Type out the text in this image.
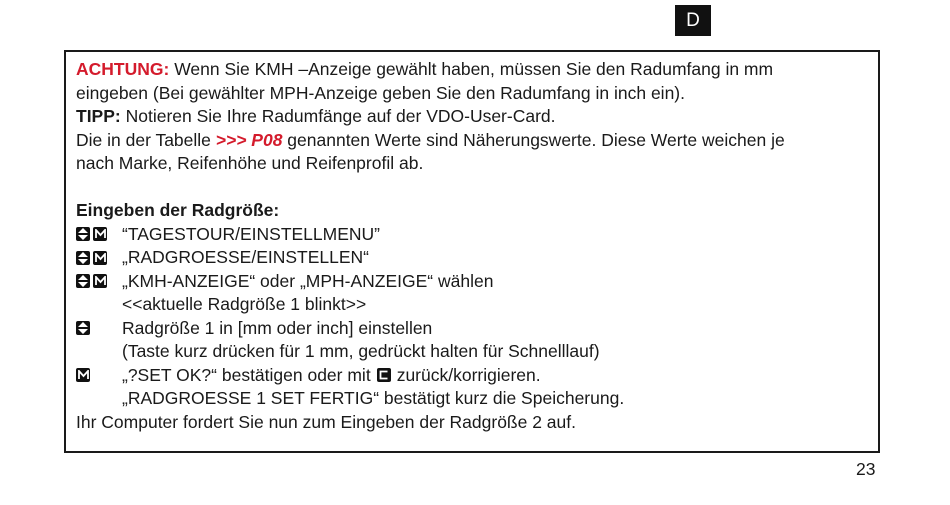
D

ACHTUNG: Wenn Sie KMH –Anzeige gewählt haben, müssen Sie den Radumfang in mm

eingeben (Bei gewählter MPH-Anzeige geben Sie den Radumfang in inch ein).

TIPP: Notieren Sie Ihre Radumfänge auf der VDO-User-Card.

Die in der Tabelle >>> P08 genannten Werte sind Näherungswerte. Diese Werte weichen je

nach Marke, Reifenhöhe und Reifenprofil ab.

Eingeben der Radgröße:

“TAGESTOUR/EINSTELLMENU”
„RADGROESSE/EINSTELLEN“
„KMH-ANZEIGE“ oder „MPH-ANZEIGE“ wählen
<<aktuelle Radgröße 1 blinkt>>
Radgröße 1 in [mm oder inch] einstellen
(Taste kurz drücken für 1 mm, gedrückt halten für Schnelllauf)
„?SET OK?“ bestätigen oder mit zurück/korrigieren.
„RADGROESSE 1 SET FERTIG“ bestätigt kurz die Speicherung.

Ihr Computer fordert Sie nun zum Eingeben der Radgröße 2 auf.

23
